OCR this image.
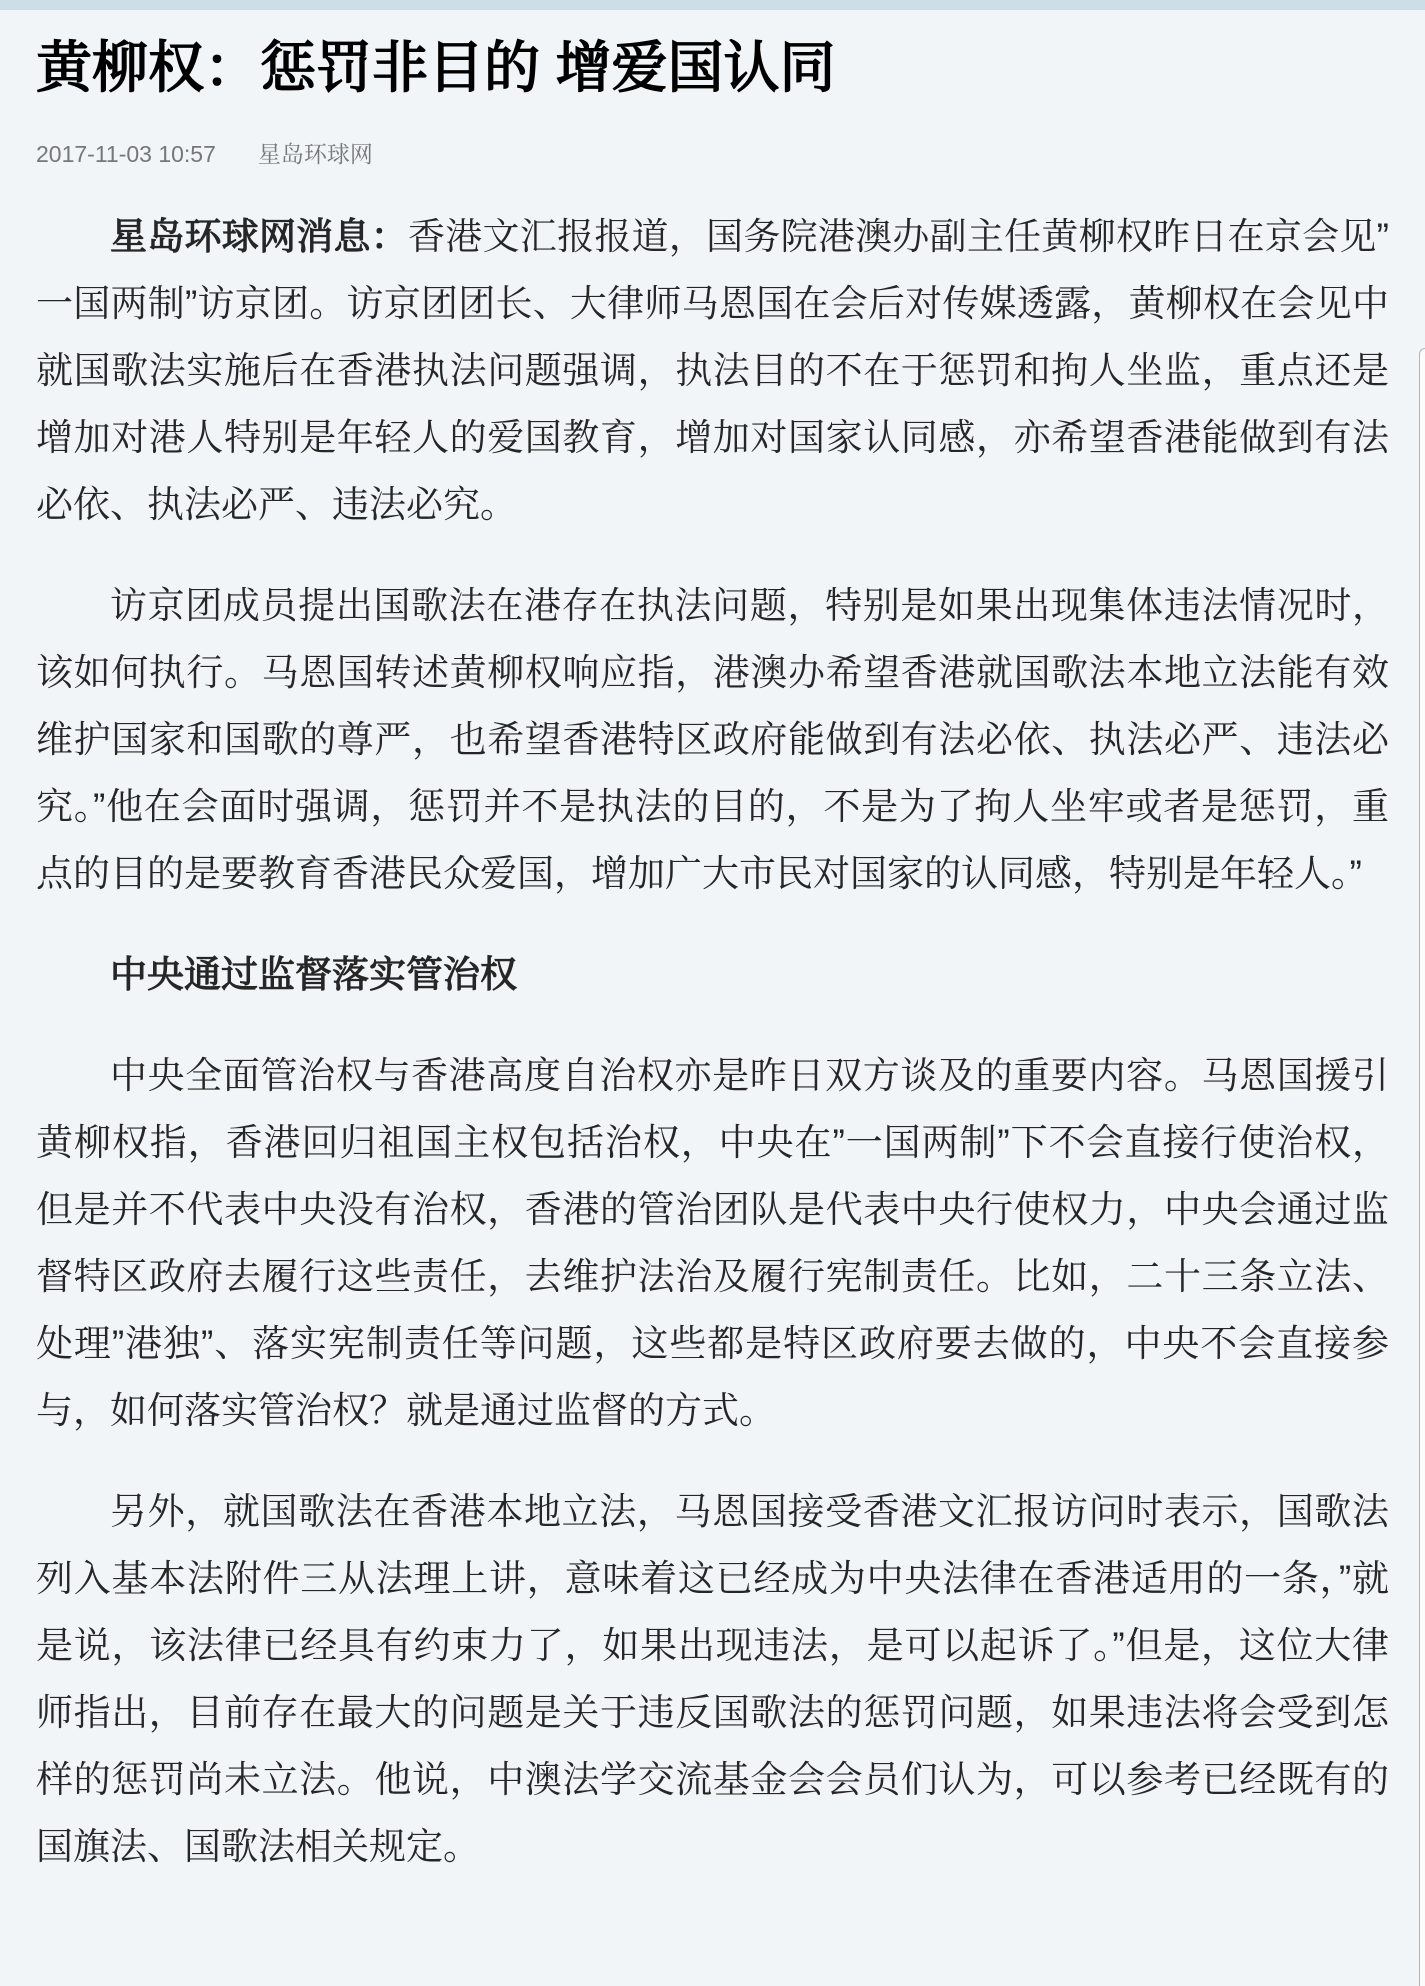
黄柳权：惩罚非目的 增爱国认同
2017-11-03 10:57 星岛环球网

星岛环球网消息：香港文汇报报道，国务院港澳办副主任黄柳权昨日在京会见”一国两制”访京团。访京团团长、大律师马恩国在会后对传媒透露，黄柳权在会见中就国歌法实施后在香港执法问题强调，执法目的不在于惩罚和拘人坐监，重点还是增加对港人特别是年轻人的爱国教育，增加对国家认同感，亦希望香港能做到有法必依、执法必严、违法必究。

访京团成员提出国歌法在港存在执法问题，特别是如果出现集体违法情况时，该如何执行。马恩国转述黄柳权响应指，港澳办希望香港就国歌法本地立法能有效维护国家和国歌的尊严，也希望香港特区政府能做到有法必依、执法必严、违法必究。”他在会面时强调，惩罚并不是执法的目的，不是为了拘人坐牢或者是惩罚，重点的目的是要教育香港民众爱国，增加广大市民对国家的认同感，特别是年轻人。”

中央通过监督落实管治权

中央全面管治权与香港高度自治权亦是昨日双方谈及的重要内容。马恩国援引黄柳权指，香港回归祖国主权包括治权，中央在”一国两制”下不会直接行使治权，但是并不代表中央没有治权，香港的管治团队是代表中央行使权力，中央会通过监督特区政府去履行这些责任，去维护法治及履行宪制责任。比如，二十三条立法、处理”港独”、落实宪制责任等问题，这些都是特区政府要去做的，中央不会直接参与，如何落实管治权？就是通过监督的方式。

另外，就国歌法在香港本地立法，马恩国接受香港文汇报访问时表示，国歌法列入基本法附件三从法理上讲，意味着这已经成为中央法律在香港适用的一条，”就是说，该法律已经具有约束力了，如果出现违法，是可以起诉了。”但是，这位大律师指出，目前存在最大的问题是关于违反国歌法的惩罚问题，如果违法将会受到怎样的惩罚尚未立法。他说，中澳法学交流基金会会员们认为，可以参考已经既有的国旗法、国歌法相关规定。
